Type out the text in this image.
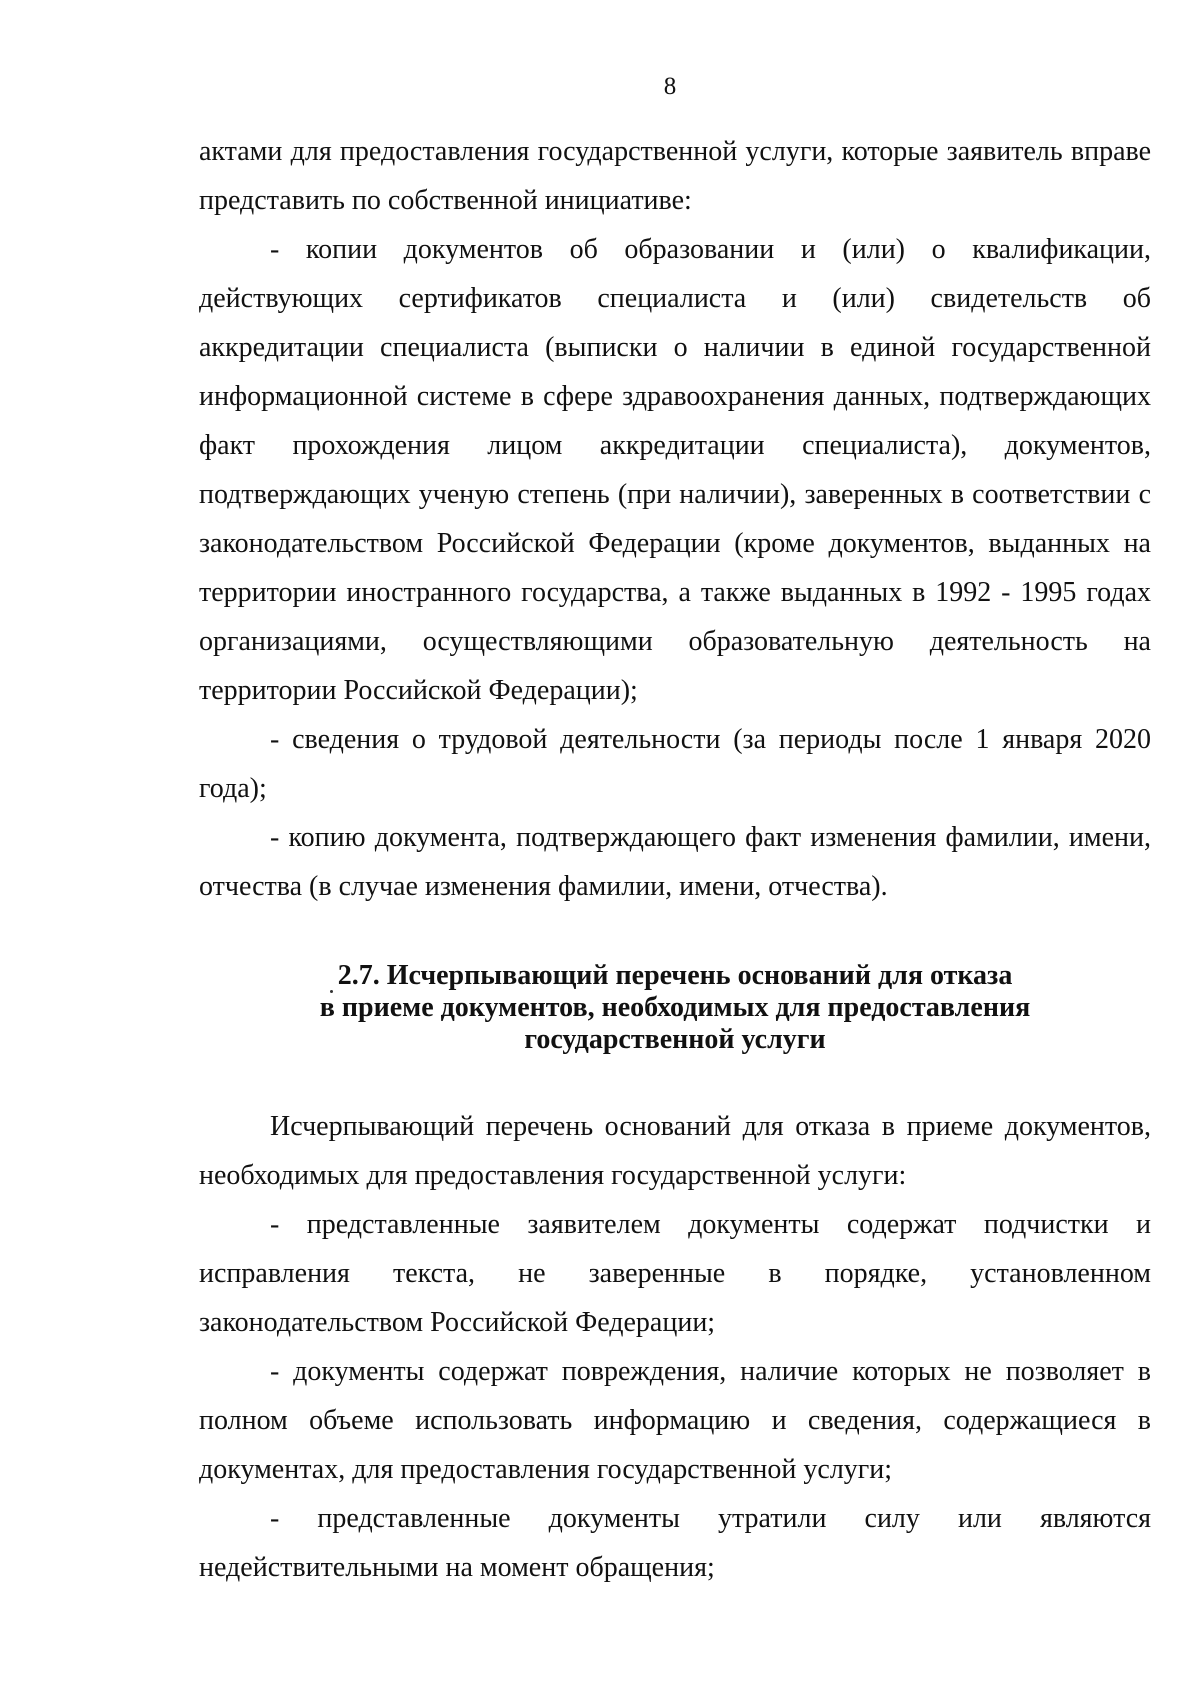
8

актами для предоставления государственной услуги, которые заявитель вправе представить по собственной инициативе:

- копии документов об образовании и (или) о квалификации, действующих сертификатов специалиста и (или) свидетельств об аккредитации специалиста (выписки о наличии в единой государственной информационной системе в сфере здравоохранения данных, подтверждающих факт прохождения лицом аккредитации специалиста), документов, подтверждающих ученую степень (при наличии), заверенных в соответствии с законодательством Российской Федерации (кроме документов, выданных на территории иностранного государства, а также выданных в 1992 - 1995 годах организациями, осуществляющими образовательную деятельность на территории Российской Федерации);

- сведения о трудовой деятельности (за периоды после 1 января 2020 года);

- копию документа, подтверждающего факт изменения фамилии, имени, отчества (в случае изменения фамилии, имени, отчества).

2.7. Исчерпывающий перечень оснований для отказа
в приеме документов, необходимых для предоставления
государственной услуги

Исчерпывающий перечень оснований для отказа в приеме документов, необходимых для предоставления государственной услуги:

- представленные заявителем документы содержат подчистки и исправления текста, не заверенные в порядке, установленном законодательством Российской Федерации;

- документы содержат повреждения, наличие которых не позволяет в полном объеме использовать информацию и сведения, содержащиеся в документах, для предоставления государственной услуги;

- представленные документы утратили силу или являются недействительными на момент обращения;
